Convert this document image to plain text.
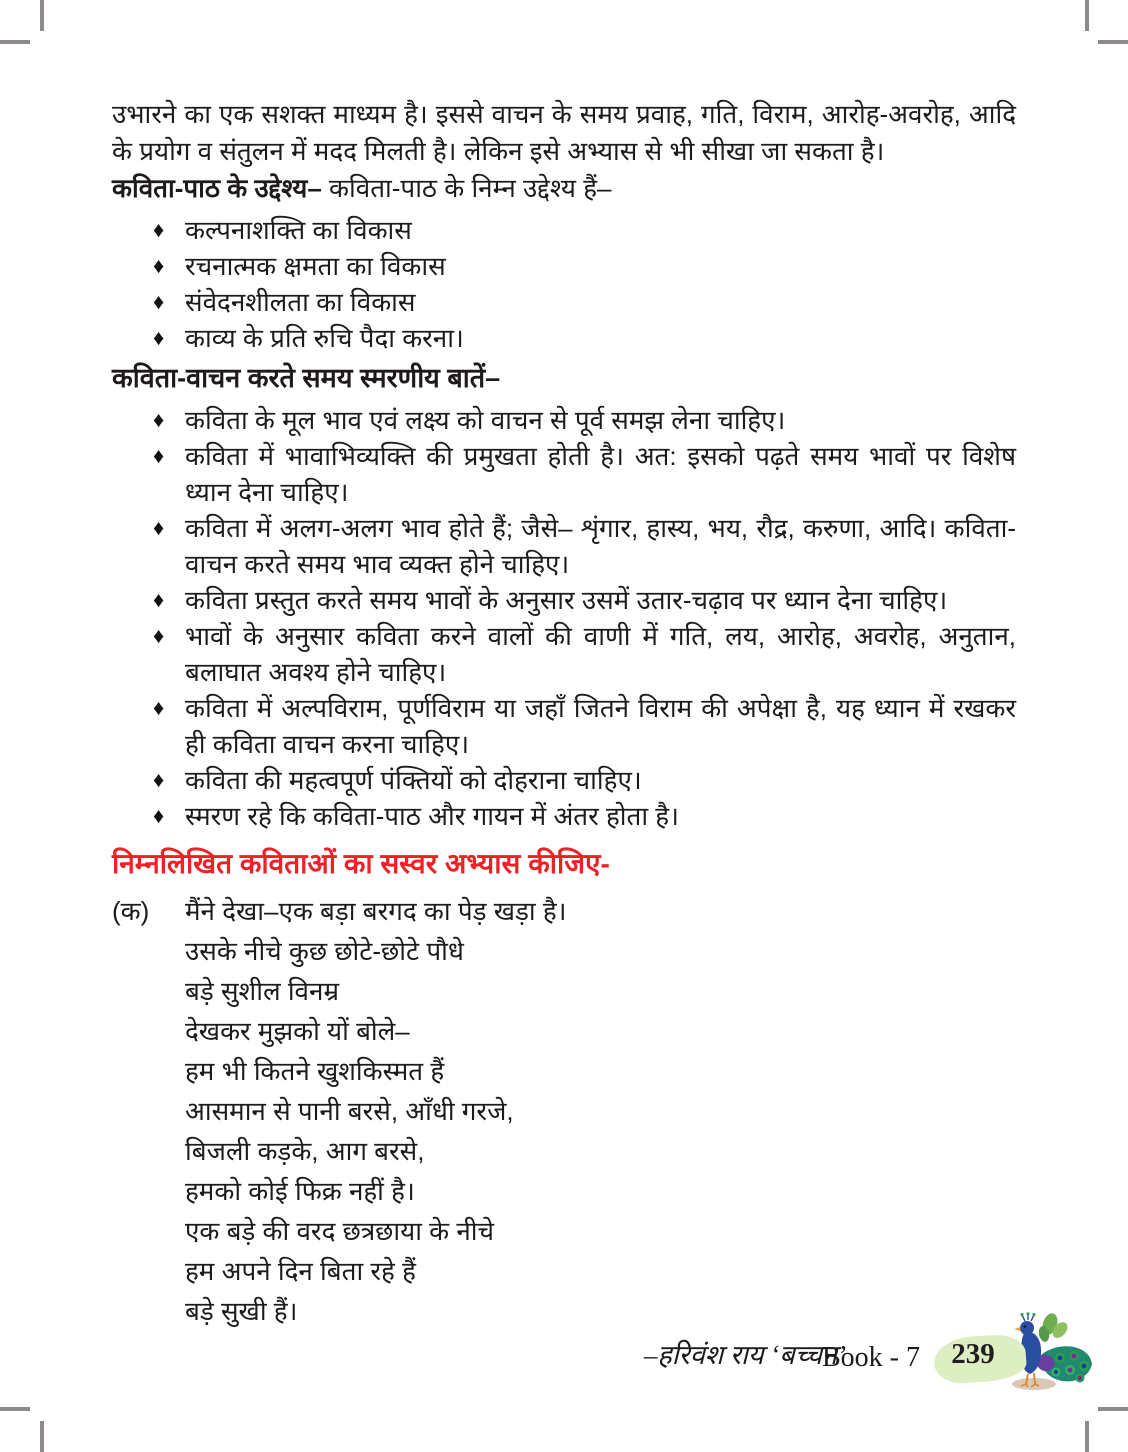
उभारने का एक सशक्त माध्यम है। इससे वाचन के समय प्रवाह, गति, विराम, आरोह-अवरोह, आदि के प्रयोग व संतुलन में मदद मिलती है। लेकिन इसे अभ्यास से भी सीखा जा सकता है।

कविता-पाठ के उद्देश्य– कविता-पाठ के निम्न उद्देश्य हैं–

♦ कल्पनाशक्ति का विकास
♦ रचनात्मक क्षमता का विकास
♦ संवेदनशीलता का विकास
♦ काव्य के प्रति रुचि पैदा करना।

कविता-वाचन करते समय स्मरणीय बातें–

♦ कविता के मूल भाव एवं लक्ष्य को वाचन से पूर्व समझ लेना चाहिए।
♦ कविता में भावाभिव्यक्ति की प्रमुखता होती है। अत: इसको पढ़ते समय भावों पर विशेष ध्यान देना चाहिए।
♦ कविता में अलग-अलग भाव होते हैं; जैसे– शृंगार, हास्य, भय, रौद्र, करुणा, आदि। कविता-वाचन करते समय भाव व्यक्त होने चाहिए।
♦ कविता प्रस्तुत करते समय भावों के अनुसार उसमें उतार-चढ़ाव पर ध्यान देना चाहिए।
♦ भावों के अनुसार कविता करने वालों की वाणी में गति, लय, आरोह, अवरोह, अनुतान, बलाघात अवश्य होने चाहिए।
♦ कविता में अल्पविराम, पूर्णविराम या जहाँ जितने विराम की अपेक्षा है, यह ध्यान में रखकर ही कविता वाचन करना चाहिए।
♦ कविता की महत्वपूर्ण पंक्तियों को दोहराना चाहिए।
♦ स्मरण रहे कि कविता-पाठ और गायन में अंतर होता है।

निम्नलिखित कविताओं का सस्वर अभ्यास कीजिए-

(क)	मैंने देखा–एक बड़ा बरगद का पेड़ खड़ा है।
उसके नीचे कुछ छोटे-छोटे पौधे
बड़े सुशील विनम्र
देखकर मुझको यों बोले–
हम भी कितने खुशकिस्मत हैं
आसमान से पानी बरसे, आँधी गरजे,
बिजली कड़के, आग बरसे,
हमको कोई फिक्र नहीं है।
एक बड़े की वरद छत्रछाया के नीचे
हम अपने दिन बिता रहे हैं
बड़े सुखी हैं।

–हरिवंश राय ‘बच्चन’

Book - 7	239
